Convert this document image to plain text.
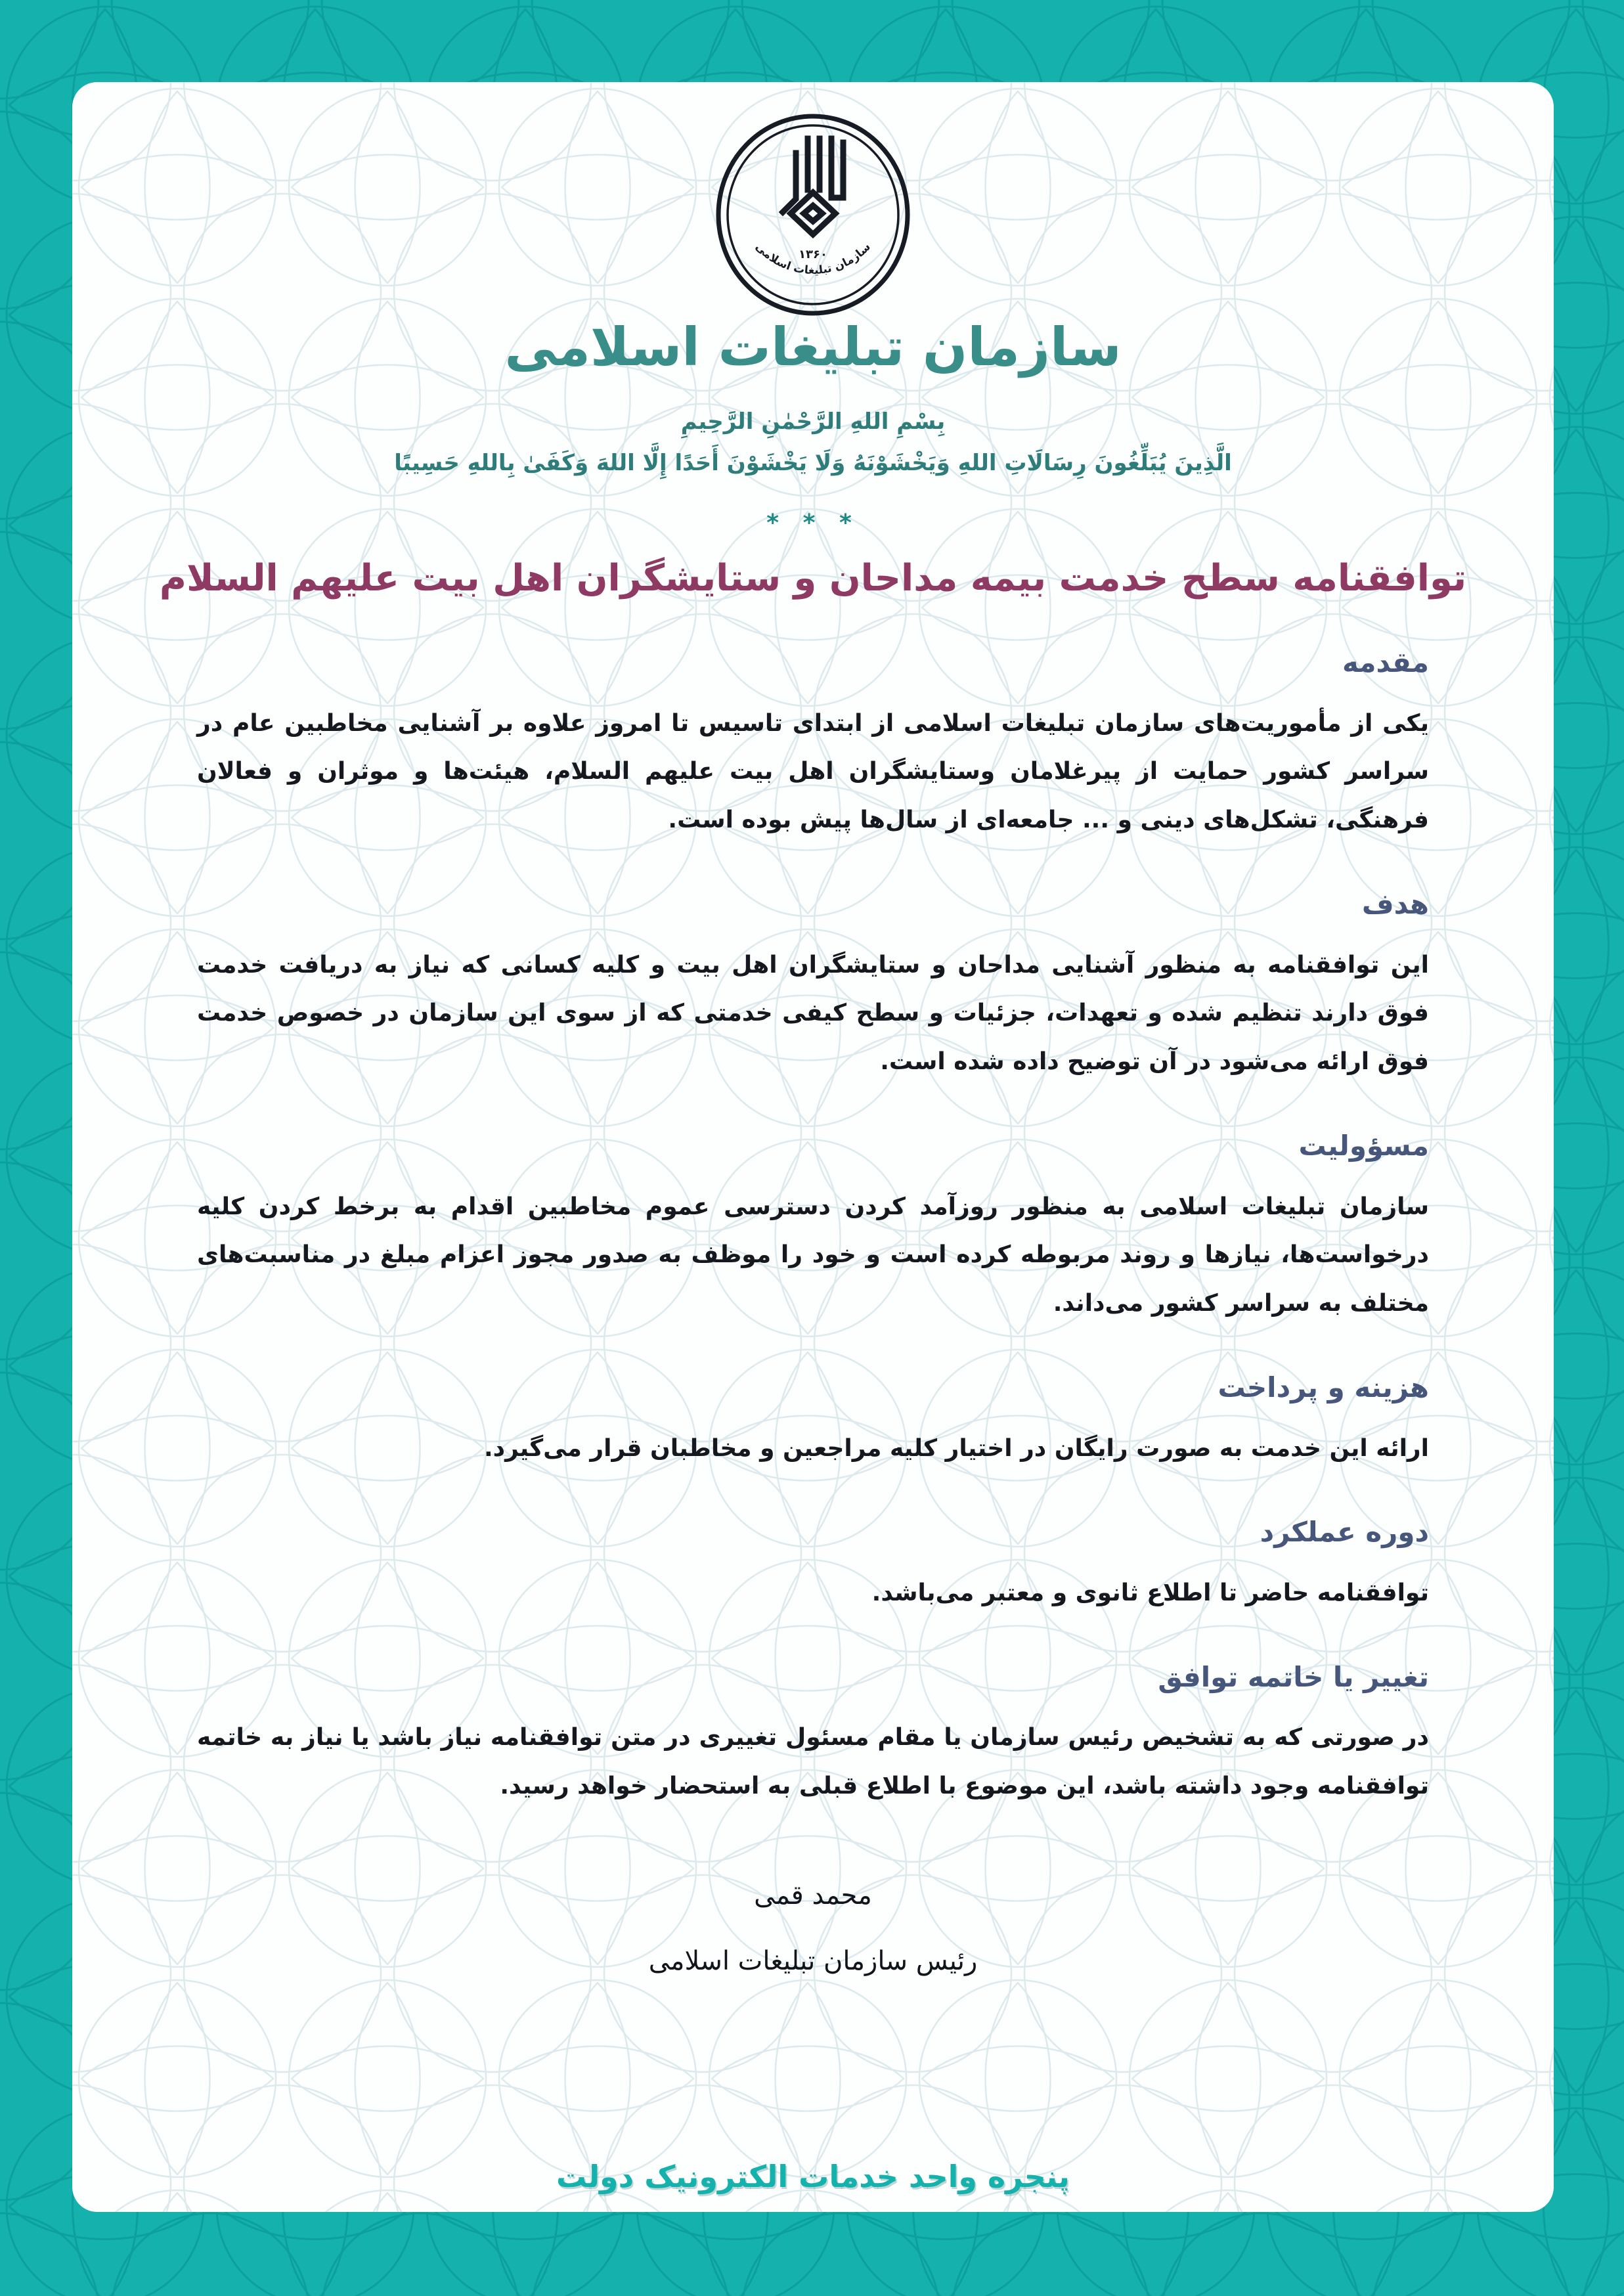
۱۳۶۰
سازمان تبلیغات اسلامی
سازمان تبلیغات اسلامی
بِسْمِ اللهِ الرَّحْمٰنِ الرَّحِيمِ
الَّذِينَ يُبَلِّغُونَ رِسَالَاتِ اللهِ وَيَخْشَوْنَهُ وَلَا يَخْشَوْنَ أَحَدًا إِلَّا اللهَ وَكَفَىٰ بِاللهِ حَسِيبًا
* * *
توافقنامه سطح خدمت بیمه مداحان و ستایشگران اهل بیت علیهم السلام
مقدمه

یکی از مأموریت‌های سازمان تبلیغات اسلامی از ابتدای تاسیس تا امروز علاوه بر آشنایی مخاطبین عام در سراسر کشور حمایت از پیرغلامان وستایشگران اهل بیت علیهم السلام، هیئت‌ها و موثران و فعالان فرهنگی، تشکل‌های دینی و ... جامعه‌ای از سال‌ها پیش بوده است.

هدف

این توافقنامه به منظور آشنایی مداحان و ستایشگران اهل بیت و کلیه کسانی که نیاز به دریافت خدمت فوق دارند تنظیم شده و تعهدات، جزئیات و سطح کیفی خدمتی که از سوی این سازمان در خصوص خدمت فوق ارائه می‌شود در آن توضیح داده شده است.

مسؤولیت

سازمان تبلیغات اسلامی به منظور روزآمد کردن دسترسی عموم مخاطبین اقدام به برخط کردن کلیه درخواست‌ها، نیازها و روند مربوطه کرده است و خود را موظف به صدور مجوز اعزام مبلغ در مناسبت‌های مختلف به سراسر کشور می‌داند.

هزینه و پرداخت

ارائه این خدمت به صورت رایگان در اختیار کلیه مراجعین و مخاطبان قرار می‌گیرد.

دوره عملکرد

توافقنامه حاضر تا اطلاع ثانوی و معتبر می‌باشد.

تغییر یا خاتمه توافق

در صورتی که به تشخیص رئیس سازمان یا مقام مسئول تغییری در متن توافقنامه نیاز باشد یا نیاز به خاتمه توافقنامه وجود داشته باشد، این موضوع با اطلاع قبلی به استحضار خواهد رسید.

محمد قمی
رئیس سازمان تبلیغات اسلامی
پنجره واحد خدمات الکترونیک دولت
